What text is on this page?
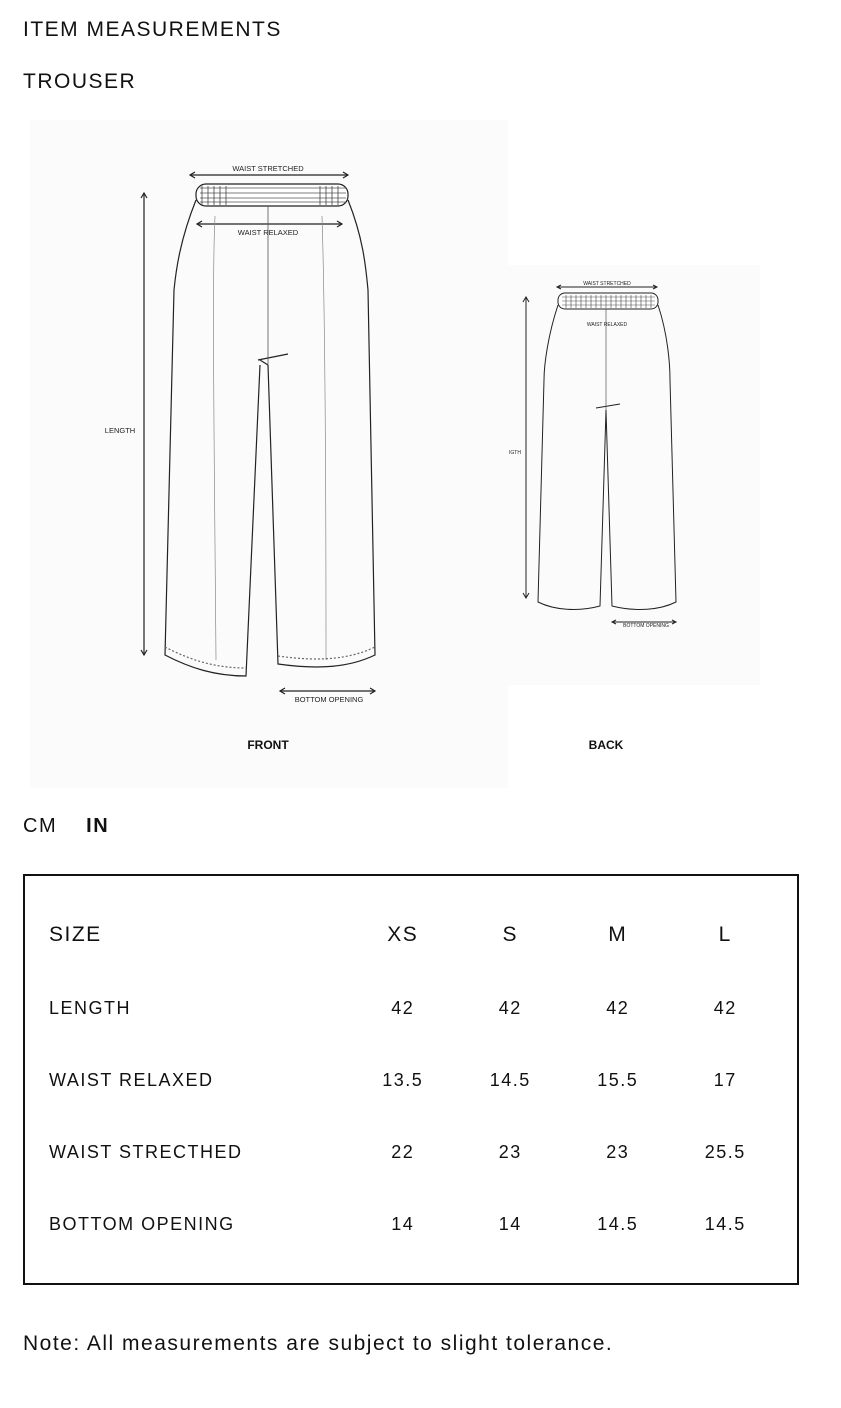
ITEM MEASUREMENTS
TROUSER
WAIST STRETCHED
WAIST RELAXED
LENGTH
BOTTOM OPENING
FRONT
WAIST STRETCHED
WAIST RELAXED
IGTH
BOTTOM OPENING
BACK
CM IN
SIZE	XS	S	M	L
LENGTH	42	42	42	42
WAIST RELAXED	13.5	14.5	15.5	17
WAIST STRECTHED	22	23	23	25.5
BOTTOM OPENING	14	14	14.5	14.5

Note: All measurements are subject to slight tolerance.
